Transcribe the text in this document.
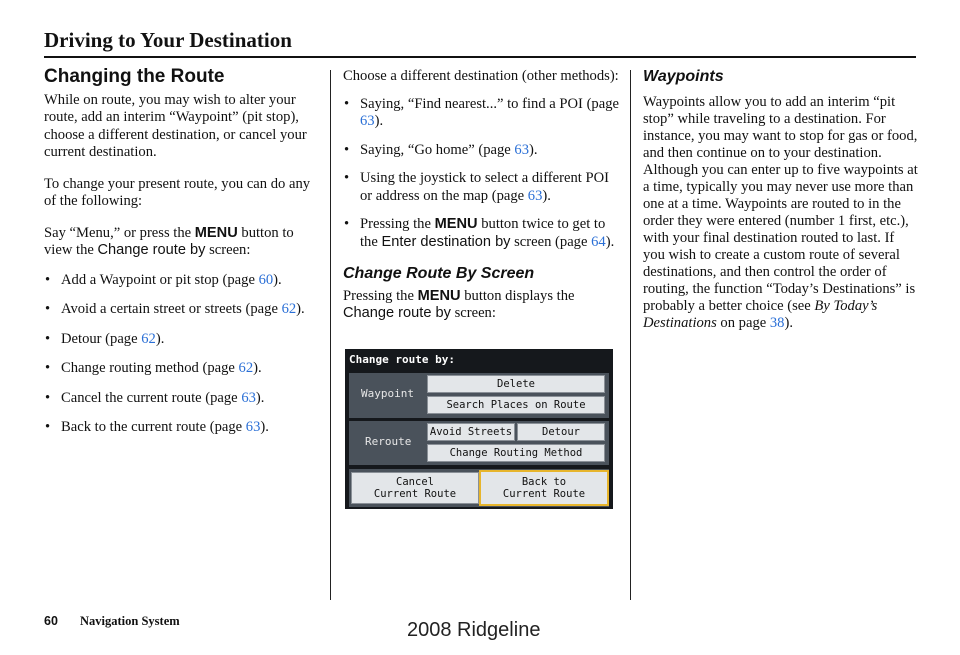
Driving to Your Destination
Changing the Route

While on route, you may wish to alter your route, add an interim “Waypoint” (pit stop), choose a different destination, or cancel your current destination.

To change your present route, you can do any of the following:

Say “Menu,” or press the MENU button to view the Change route by screen:

• Add a Waypoint or pit stop (page 60).
• Avoid a certain street or streets (page 62).
• Detour (page 62).
• Change routing method (page 62).
• Cancel the current route (page 63).
• Back to the current route (page 63).

Choose a different destination (other methods):

• Saying, “Find nearest...” to find a POI (page 63).
• Saying, “Go home” (page 63).
• Using the joystick to select a different POI or address on the map (page 63).
• Pressing the MENU button twice to get to the Enter destination by screen (page 64).
Change Route By Screen

Pressing the MENU button displays the Change route by screen:

Change route by:
Waypoint
Delete
Search Places on Route
Reroute
Avoid Streets	Detour
Change Routing Method
Cancel
Current Route
Back to
Current Route
Waypoints

Waypoints allow you to add an interim “pit stop” while traveling to a destination. For instance, you may want to stop for gas or food, and then continue on to your destination. Although you can enter up to five waypoints at a time, typically you may never use more than one at a time. Waypoints are routed to in the order they were entered (number 1 first, etc.), with your final destination routed to last. If you wish to create a custom route of several destinations, and then control the order of routing, the function “Today’s Destinations” is probably a better choice (see By Today’s Destinations on page 38).

60 Navigation System	2008 Ridgeline
